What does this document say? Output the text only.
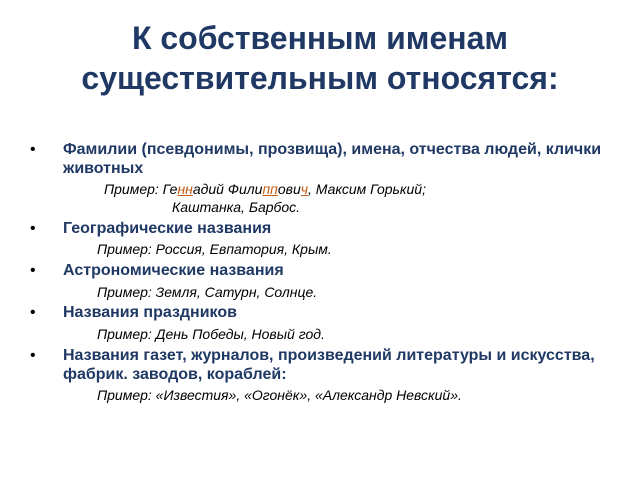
К собственным именам
существительным относятся:
• Фамилии (псевдонимы, прозвища), имена, отчества людей, клички животных
Пример: Геннадий Филиппович, Максим Горький;
Каштанка, Барбос.
• Географические названия
Пример: Россия, Евпатория, Крым.
• Астрономические названия
Пример: Земля, Сатурн, Солнце.
• Названия праздников
Пример: День Победы, Новый год.
• Названия газет, журналов, произведений литературы и искусства, фабрик. заводов, кораблей:
Пример: «Известия», «Огонёк», «Александр Невский».
